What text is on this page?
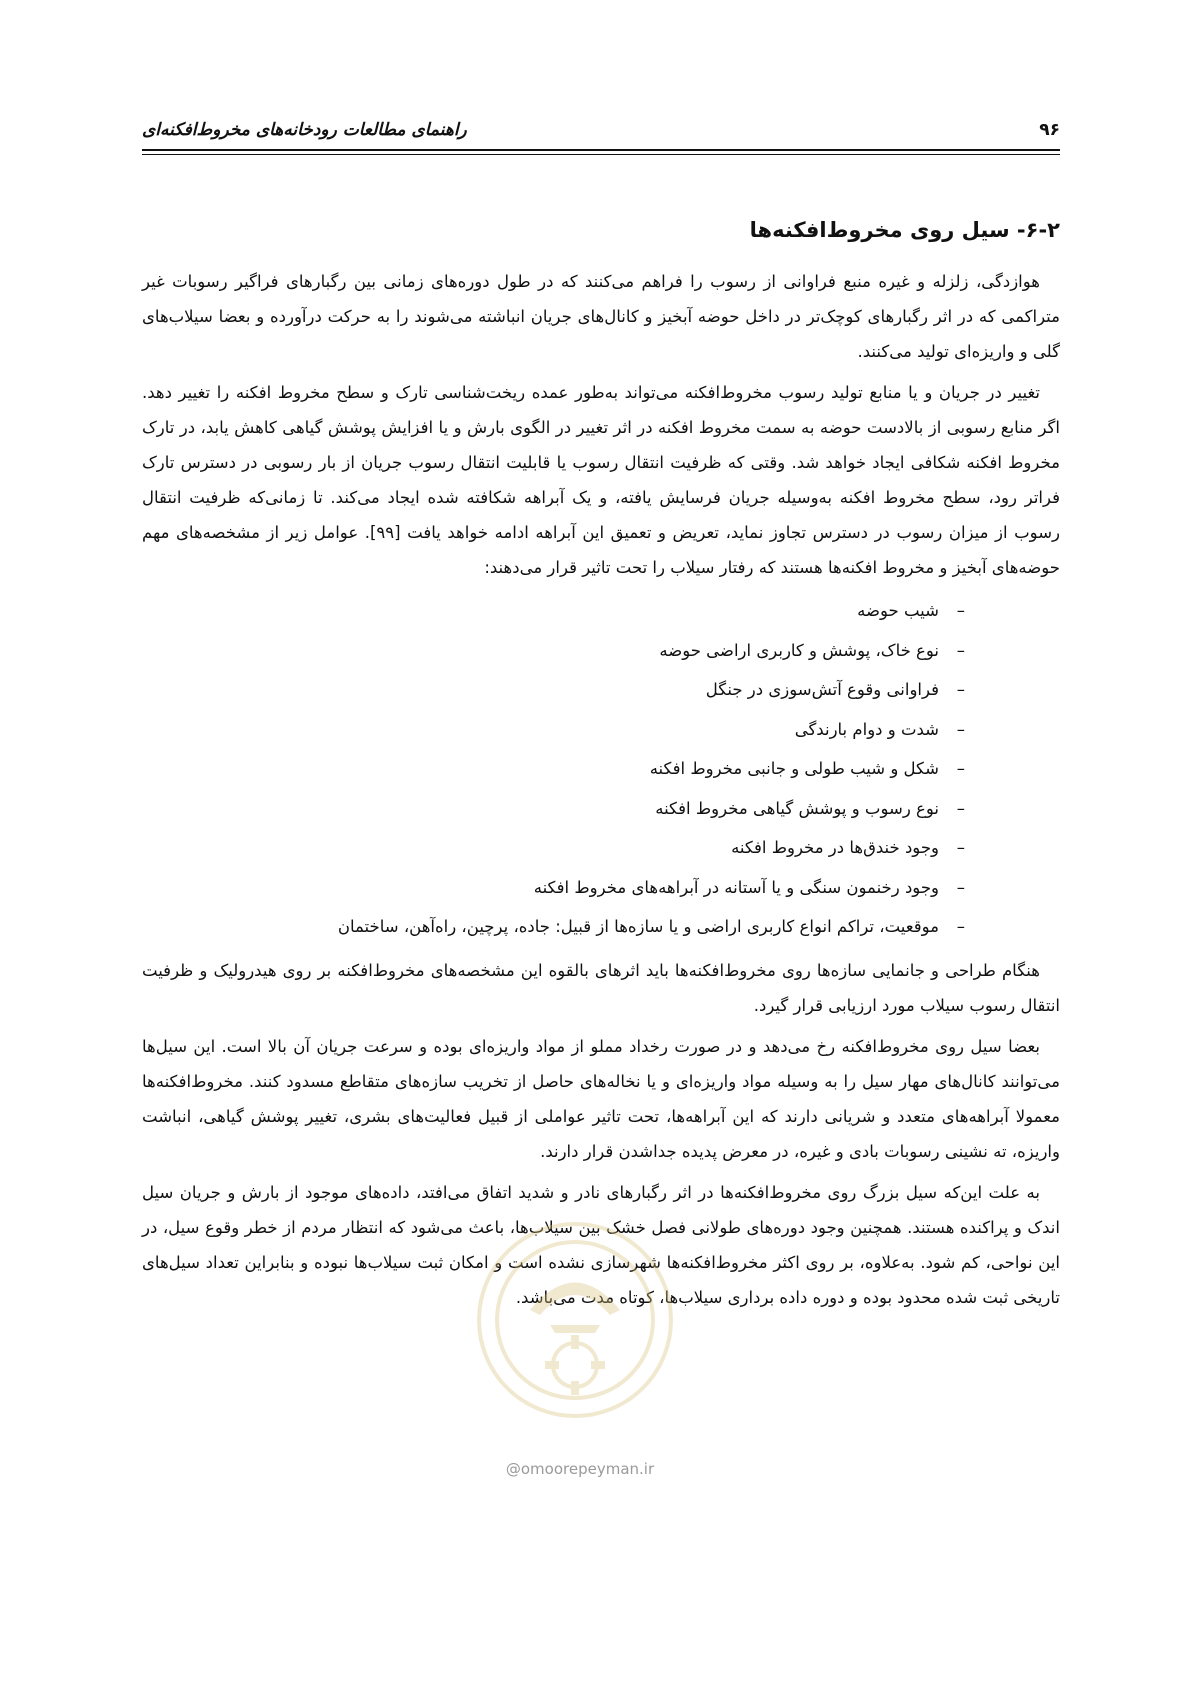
۹۶
راهنمای مطالعات رودخانه‌های مخروط‌افکنه‌ای
۶-۲- سیل روی مخروط‌افکنه‌ها

هوازدگی، زلزله و غیره منبع فراوانی از رسوب را فراهم می‌کنند که در طول دوره‌های زمانی بین رگبارهای فراگیر رسوبات غیر متراکمی که در اثر رگبارهای کوچک‌تر در داخل حوضه آبخیز و کانال‌های جریان انباشته می‌شوند را به حرکت درآورده و بعضا سیلاب‌های گلی و واریزه‌ای تولید می‌کنند.

تغییر در جریان و یا منابع تولید رسوب مخروط‌افکنه می‌تواند به‌طور عمده ریخت‌شناسی تارک و سطح مخروط افکنه را تغییر دهد. اگر منابع رسوبی از بالادست حوضه به سمت مخروط افکنه در اثر تغییر در الگوی بارش و یا افزایش پوشش گیاهی کاهش یابد، در تارک مخروط افکنه شکافی ایجاد خواهد شد. وقتی که ظرفیت انتقال رسوب یا قابلیت انتقال رسوب جریان از بار رسوبی در دسترس تارک فراتر رود، سطح مخروط افکنه به‌وسیله جریان فرسایش یافته، و یک آبراهه شکافته شده ایجاد می‌کند. تا زمانی‌که ظرفیت انتقال رسوب از میزان رسوب در دسترس تجاوز نماید، تعریض و تعمیق این آبراهه ادامه خواهد یافت [۹۹]. عوامل زیر از مشخصه‌های مهم حوضه‌های آبخیز و مخروط افکنه‌ها هستند که رفتار سیلاب را تحت تاثیر قرار می‌دهند:

–
شیب حوضه
–
نوع خاک، پوشش و کاربری اراضی حوضه
–
فراوانی وقوع آتش‌سوزی در جنگل
–
شدت و دوام بارندگی
–
شکل و شیب طولی و جانبی مخروط افکنه
–
نوع رسوب و پوشش گیاهی مخروط افکنه
–
وجود خندق‌ها در مخروط افکنه
–
وجود رخنمون سنگی و یا آستانه در آبراهه‌های مخروط افکنه
–
موقعیت، تراکم انواع کاربری اراضی و یا سازه‌ها از قبیل: جاده، پرچین، راه‌آهن، ساختمان

هنگام طراحی و جانمایی سازه‌ها روی مخروط‌افکنه‌ها باید اثرهای بالقوه این مشخصه‌های مخروط‌افکنه بر روی هیدرولیک و ظرفیت انتقال رسوب سیلاب مورد ارزیابی قرار گیرد.

بعضا سیل روی مخروط‌افکنه رخ می‌دهد و در صورت رخداد مملو از مواد واریزه‌ای بوده و سرعت جریان آن بالا است. این سیل‌ها می‌توانند کانال‌های مهار سیل را به وسیله مواد واریزه‌ای و یا نخاله‌های حاصل از تخریب سازه‌های متقاطع مسدود کنند. مخروط‌افکنه‌ها معمولا آبراهه‌های متعدد و شریانی دارند که این آبراهه‌ها، تحت تاثیر عواملی از قبیل فعالیت‌های بشری، تغییر پوشش گیاهی، انباشت واریزه، ته نشینی رسوبات بادی و غیره، در معرض پدیده جداشدن قرار دارند.

به علت این‌که سیل بزرگ روی مخروط‌افکنه‌ها در اثر رگبارهای نادر و شدید اتفاق می‌افتد، داده‌های موجود از بارش و جریان سیل اندک و پراکنده هستند. همچنین وجود دوره‌های طولانی فصل خشک بین سیلاب‌ها، باعث می‌شود که انتظار مردم از خطر وقوع سیل، در این نواحی، کم شود. به‌علاوه، بر روی اکثر مخروط‌افکنه‌ها شهرسازی نشده است و امکان ثبت سیلاب‌ها نبوده و بنابراین تعداد سیل‌های تاریخی ثبت شده محدود بوده و دوره داده برداری سیلاب‌ها، کوتاه مدت می‌باشد.

@omoorepeyman.ir
